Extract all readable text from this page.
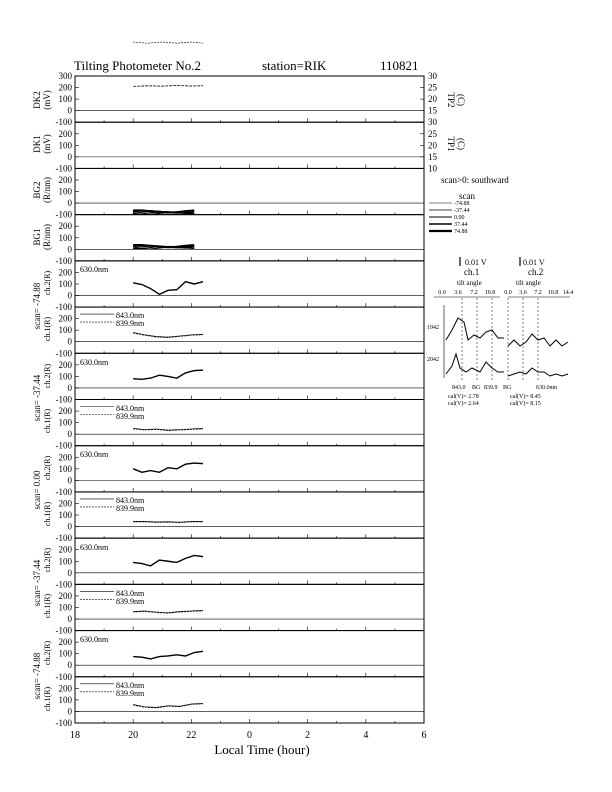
Tilting Photometer No.2	station=RIK	110821
300
200
100
0
-100
200
100
0
-100
200
100
0
-100
200
100
0
-100
200
100
0
-100
200
100
0
-100
200
100
0
-100
200
100
0
-100
200
100
0
-100
200
100
0
-100
200
100
0
-100
200
100
0
-100
200
100
0
-100
200
100
0
-100
30
25
20
15
30
25
20
15
10
DK2 (mV)
DK1 (mV)
BG2 (R/nm)
BG1 (R/nm)
scan= -74.88 ch.2(R)
ch.1(R)
scan= -37.44 ch.2(R)
ch.1(R)
scan= 0.00
ch.2(R)
ch.1(R)
scan= -37.44 ch.2(R)
ch.1(R)
scan= -74.88 ch.2(R)
ch.1(R)
TP2 (C)
TP1 (C)
630.0nm
843.0nm
839.9nm
630.0nm
843.0nm
839.9nm
630.0nm
843.0nm
839.9nm
630.0nm
843.0nm
839.9nm
630.0nm
843.0nm
839.9nm
18	20	22	0	2	4	6
Local Time (hour)
scan>0: southward
scan
-74.88
-37.44
0.00
37.44
74.88
0.01 V	0.01 V
ch.1	ch.2
tilt angle	tilt angle
1942
2042
843.0 BG 839.9 BG	630.0nm
cal(V)= 2.78
cal(V)= 2.64
cal(V)= 8.45
cal(V)= 8.15
0.0 3.6 7.2 10.8 0.0 3.6 7.2 10.8 14.4
